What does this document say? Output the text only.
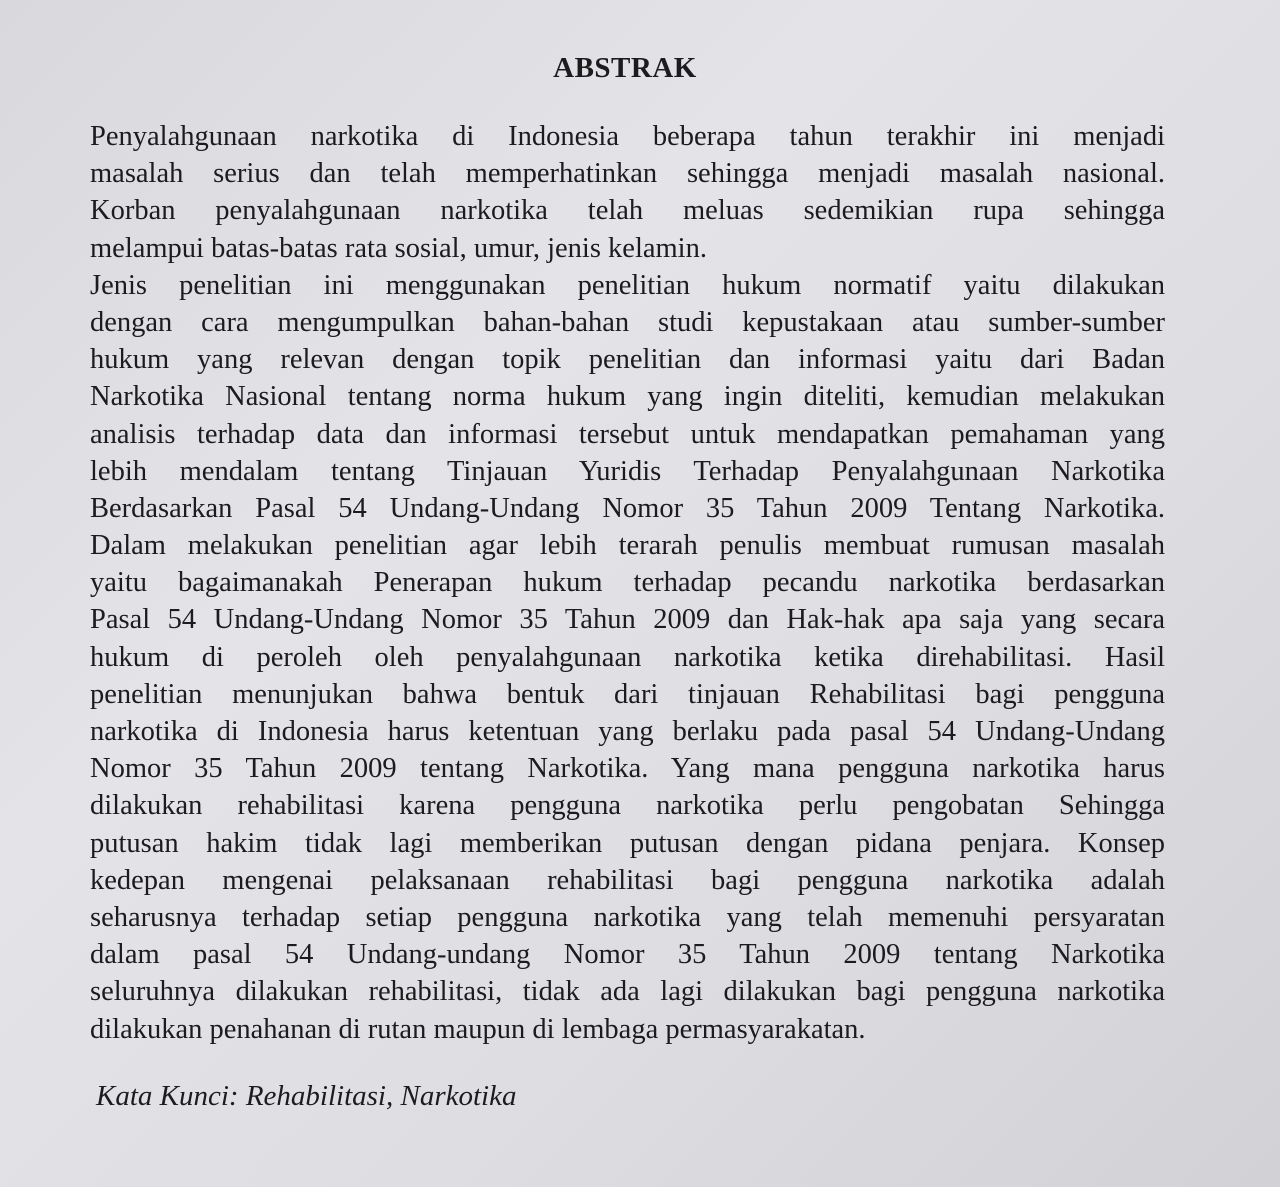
ABSTRAK
Penyalahgunaan narkotika di Indonesia beberapa tahun terakhir ini menjadi
masalah serius dan telah memperhatinkan sehingga menjadi masalah nasional.
Korban penyalahgunaan narkotika telah meluas sedemikian rupa sehingga
melampui batas-batas rata sosial, umur, jenis kelamin.
Jenis penelitian ini menggunakan penelitian hukum normatif yaitu dilakukan
dengan cara mengumpulkan bahan-bahan studi kepustakaan atau sumber-sumber
hukum yang relevan dengan topik penelitian dan informasi yaitu dari Badan
Narkotika Nasional tentang norma hukum yang ingin diteliti, kemudian melakukan
analisis terhadap data dan informasi tersebut untuk mendapatkan pemahaman yang
lebih mendalam tentang Tinjauan Yuridis Terhadap Penyalahgunaan Narkotika
Berdasarkan Pasal 54 Undang-Undang Nomor 35 Tahun 2009 Tentang Narkotika.
Dalam melakukan penelitian agar lebih terarah penulis membuat rumusan masalah
yaitu bagaimanakah Penerapan hukum terhadap pecandu narkotika berdasarkan
Pasal 54 Undang-Undang Nomor 35 Tahun 2009 dan Hak-hak apa saja yang secara
hukum di peroleh oleh penyalahgunaan narkotika ketika direhabilitasi. Hasil
penelitian menunjukan bahwa bentuk dari tinjauan Rehabilitasi bagi pengguna
narkotika di Indonesia harus ketentuan yang berlaku pada pasal 54 Undang-Undang
Nomor 35 Tahun 2009 tentang Narkotika. Yang mana pengguna narkotika harus
dilakukan rehabilitasi karena pengguna narkotika perlu pengobatan Sehingga
putusan hakim tidak lagi memberikan putusan dengan pidana penjara. Konsep
kedepan mengenai pelaksanaan rehabilitasi bagi pengguna narkotika adalah
seharusnya terhadap setiap pengguna narkotika yang telah memenuhi persyaratan
dalam pasal 54 Undang-undang Nomor 35 Tahun 2009 tentang Narkotika
seluruhnya dilakukan rehabilitasi, tidak ada lagi dilakukan bagi pengguna narkotika
dilakukan penahanan di rutan maupun di lembaga permasyarakatan.
Kata Kunci: Rehabilitasi, Narkotika
